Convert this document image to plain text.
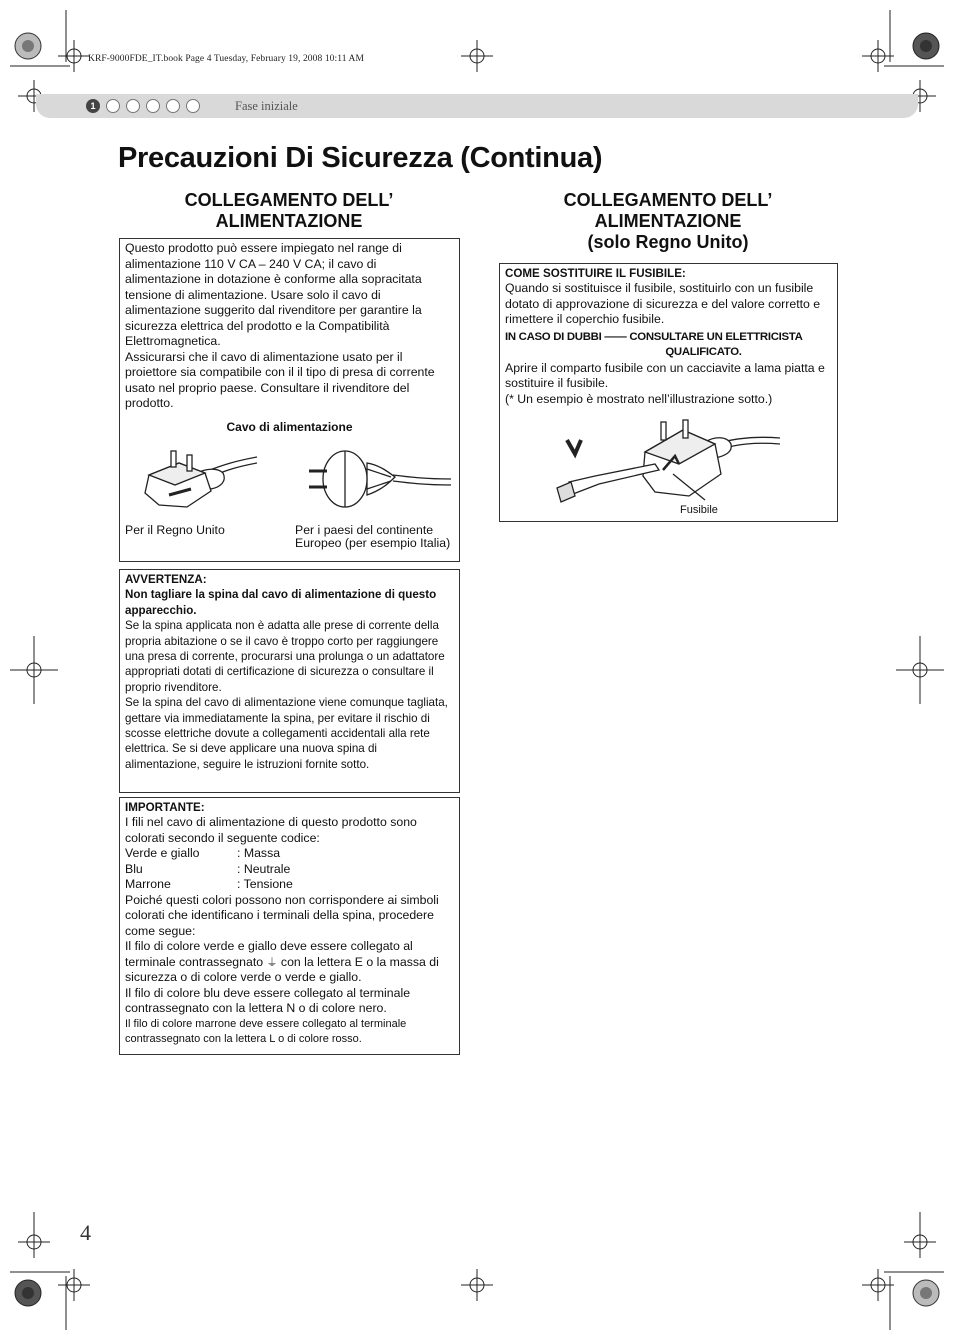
KRF-9000FDE_IT.book Page 4 Tuesday, February 19, 2008 10:11 AM
1	Fase iniziale
Precauzioni Di Sicurezza (Continua)

COLLEGAMENTO DELL’

ALIMENTAZIONE

Questo prodotto può essere impiegato nel range di alimentazione 110 V CA – 240 V CA; il cavo di alimentazione in dotazione è conforme alla sopracitata tensione di alimentazione. Usare solo il cavo di alimentazione suggerito dal rivenditore per garantire la sicurezza elettrica del prodotto e la Compatibilità Elettromagnetica.

Assicurarsi che il cavo di alimentazione usato per il proiettore sia compatibile con il il tipo di presa di corrente usato nel proprio paese. Consultare il rivenditore del prodotto.

Cavo di alimentazione

Per il Regno Unito	Per i paesi del continente Europeo (per esempio Italia)

AVVERTENZA:

Non tagliare la spina dal cavo di alimentazione di questo apparecchio.

Se la spina applicata non è adatta alle prese di corrente della propria abitazione o se il cavo è troppo corto per raggiungere una presa di corrente, procurarsi una prolunga o un adattatore appropriati dotati di certificazione di sicurezza o consultare il proprio rivenditore.

Se la spina del cavo di alimentazione viene comunque tagliata, gettare via immediatamente la spina, per evitare il rischio di scosse elettriche dovute a collegamenti accidentali alla rete elettrica. Se si deve applicare una nuova spina di alimentazione, seguire le istruzioni fornite sotto.

IMPORTANTE:

I fili nel cavo di alimentazione di questo prodotto sono colorati secondo il seguente codice:

Verde e giallo	: Massa
Blu	: Neutrale
Marrone	: Tensione

Poiché questi colori possono non corrispondere ai simboli colorati che identificano i terminali della spina, procedere come segue:

Il filo di colore verde e giallo deve essere collegato al terminale contrassegnato ⏚ con la lettera E o la massa di sicurezza o di colore verde o verde e giallo.

Il filo di colore blu deve essere collegato al terminale contrassegnato con la lettera N o di colore nero.

Il filo di colore marrone deve essere collegato al terminale contrassegnato con la lettera L o di colore rosso.

COLLEGAMENTO DELL’

ALIMENTAZIONE

(solo Regno Unito)

COME SOSTITUIRE IL FUSIBILE:

Quando si sostituisce il fusibile, sostituirlo con un fusibile dotato di approvazione di sicurezza e del valore corretto e rimettere il coperchio fusibile.

IN CASO DI DUBBI —— CONSULTARE UN ELETTRICISTA

QUALIFICATO.

Aprire il comparto fusibile con un cacciavite a lama piatta e sostituire il fusibile.

(* Un esempio è mostrato nell’illustrazione sotto.)

Fusibile
4
